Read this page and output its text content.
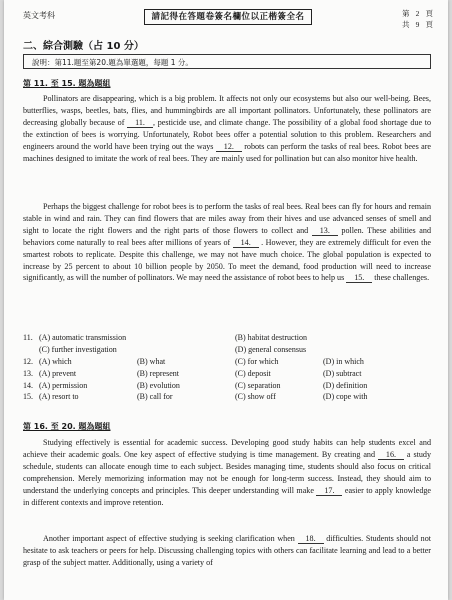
英文考科	請記得在答題卷簽名欄位以正楷簽全名	第 2 頁
共 9 頁
二、綜合測驗（占 10 分）
說明：第11.題至第20.題為單選題，每題 1 分。
第 11. 至 15. 題為題組

Pollinators are disappearing, which is a big problem. It affects not only our ecosystems but also our well-being. Bees, butterflies, wasps, beetles, bats, flies, and hummingbirds are all important pollinators. Unfortunately, these pollinators are decreasing globally because of 11. , pesticide use, and climate change. The possibility of a global food shortage due to the extinction of bees is worrying. Unfortunately, Robot bees offer a potential solution to this problem. Researchers and engineers around the world have been trying out the ways 12. robots can perform the tasks of real bees. Robot bees are machines designed to imitate the work of real bees. They are mainly used for pollination but can also monitor hive health.

Perhaps the biggest challenge for robot bees is to perform the tasks of real bees. Real bees can fly for hours and remain stable in wind and rain. They can find flowers that are miles away from their hives and use advanced senses of smell and sight to locate the right flowers and the right parts of those flowers to collect and 13. pollen. These abilities and behaviors come naturally to real bees after millions of years of 14. . However, they are extremely difficult for even the smartest robots to replicate. Despite this challenge, we may not have much choice. The global population is expected to increase by 25 percent to about 10 billion people by 2050. To meet the demand, food production will need to increase significantly, as will the number of pollinators. We may need the assistance of robot bees to help us 15. these challenges.

11. (A) automatic transmission	(B) habitat destruction
(C) further investigation	(D) general consensus
12. (A) which	(B) what	(C) for which	(D) in which
13. (A) prevent	(B) represent	(C) deposit	(D) subtract
14. (A) permission	(B) evolution	(C) separation	(D) definition
15. (A) resort to	(B) call for	(C) show off	(D) cope with
第 16. 至 20. 題為題組

Studying effectively is essential for academic success. Developing good study habits can help students excel and achieve their academic goals. One key aspect of effective studying is time management. By creating and 16. a study schedule, students can allocate enough time to each subject. Besides managing time, students should also focus on critical comprehension. Merely memorizing information may not be enough for long-term success. Instead, they should aim to understand the underlying concepts and principles. This deeper understanding will make 17. easier to apply knowledge in different contexts and improve retention.

Another important aspect of effective studying is seeking clarification when 18. difficulties. Students should not hesitate to ask teachers or peers for help. Discussing challenging topics with others can facilitate learning and lead to a better grasp of the subject matter. Additionally, using a variety of
